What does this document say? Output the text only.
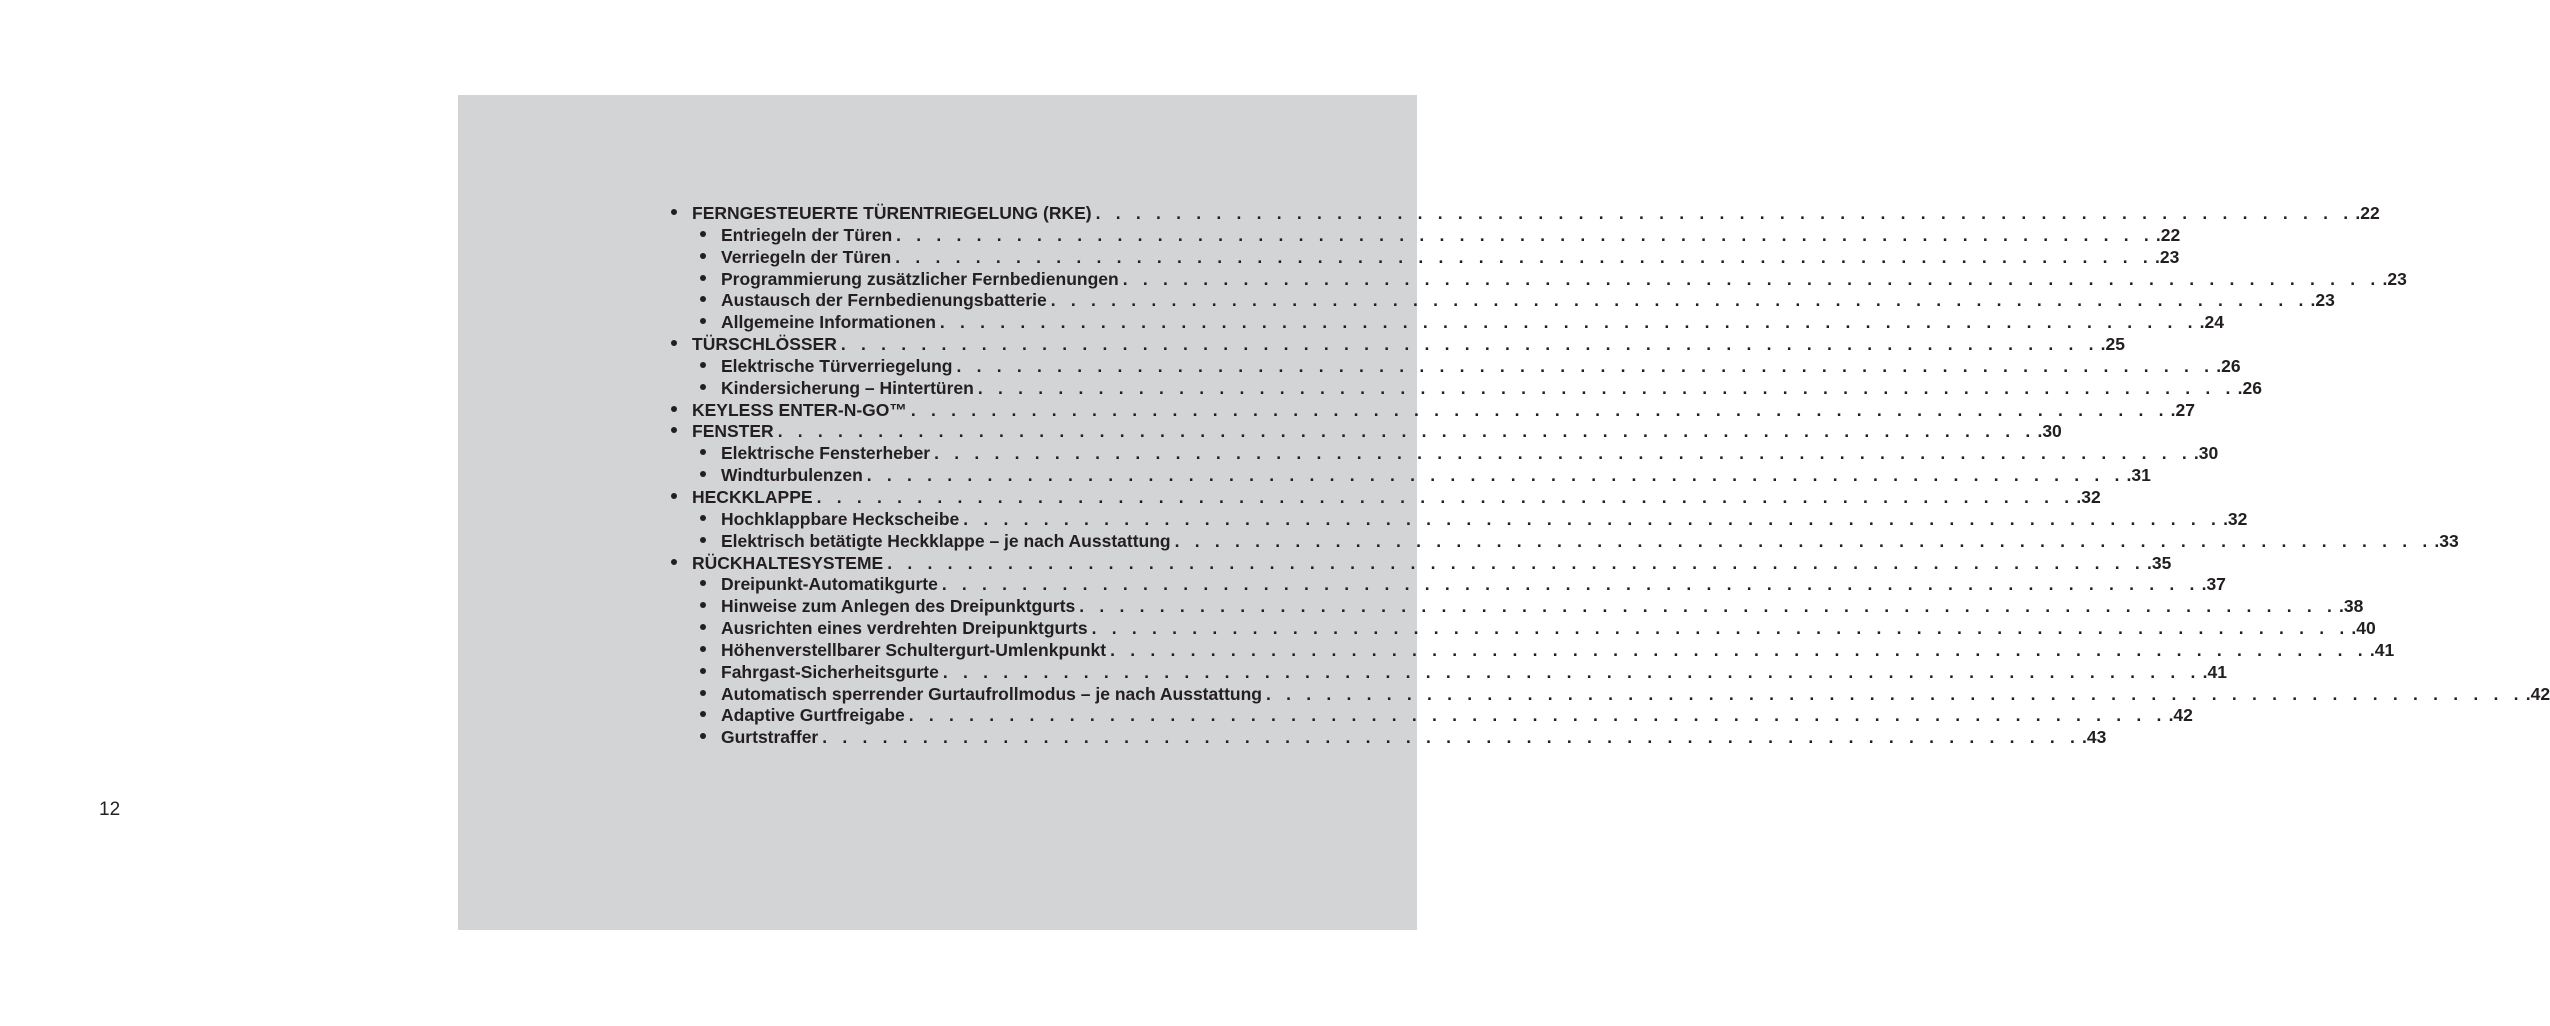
12
FERNGESTEUERTE TÜRENTRIEGELUNG (RKE) . . . . . . . . . . . . . . . . . . . . . . . . . . . . . . . . . . . . . . . . . . . . . . . . . . . . . . . . . . . . . . . .22
Entriegeln der Türen . . . . . . . . . . . . . . . . . . . . . . . . . . . . . . . . . . . . . . . . . . . . . . . . . . . . . . . . . . . . . . . .22
Verriegeln der Türen . . . . . . . . . . . . . . . . . . . . . . . . . . . . . . . . . . . . . . . . . . . . . . . . . . . . . . . . . . . . . . . .23
Programmierung zusätzlicher Fernbedienungen . . . . . . . . . . . . . . . . . . . . . . . . . . . . . . . . . . . . . . . . . . . . . . . . . . . . . . . . . . . . . . . .23
Austausch der Fernbedienungsbatterie . . . . . . . . . . . . . . . . . . . . . . . . . . . . . . . . . . . . . . . . . . . . . . . . . . . . . . . . . . . . . . . .23
Allgemeine Informationen . . . . . . . . . . . . . . . . . . . . . . . . . . . . . . . . . . . . . . . . . . . . . . . . . . . . . . . . . . . . . . . .24
TÜRSCHLÖSSER . . . . . . . . . . . . . . . . . . . . . . . . . . . . . . . . . . . . . . . . . . . . . . . . . . . . . . . . . . . . . . . .25
Elektrische Türverriegelung . . . . . . . . . . . . . . . . . . . . . . . . . . . . . . . . . . . . . . . . . . . . . . . . . . . . . . . . . . . . . . . .26
Kindersicherung – Hintertüren . . . . . . . . . . . . . . . . . . . . . . . . . . . . . . . . . . . . . . . . . . . . . . . . . . . . . . . . . . . . . . . .26
KEYLESS ENTER-N-GO™ . . . . . . . . . . . . . . . . . . . . . . . . . . . . . . . . . . . . . . . . . . . . . . . . . . . . . . . . . . . . . . . .27
FENSTER . . . . . . . . . . . . . . . . . . . . . . . . . . . . . . . . . . . . . . . . . . . . . . . . . . . . . . . . . . . . . . . .30
Elektrische Fensterheber . . . . . . . . . . . . . . . . . . . . . . . . . . . . . . . . . . . . . . . . . . . . . . . . . . . . . . . . . . . . . . . .30
Windturbulenzen . . . . . . . . . . . . . . . . . . . . . . . . . . . . . . . . . . . . . . . . . . . . . . . . . . . . . . . . . . . . . . . .31
HECKKLAPPE . . . . . . . . . . . . . . . . . . . . . . . . . . . . . . . . . . . . . . . . . . . . . . . . . . . . . . . . . . . . . . . .32
Hochklappbare Heckscheibe . . . . . . . . . . . . . . . . . . . . . . . . . . . . . . . . . . . . . . . . . . . . . . . . . . . . . . . . . . . . . . . .32
Elektrisch betätigte Heckklappe – je nach Ausstattung . . . . . . . . . . . . . . . . . . . . . . . . . . . . . . . . . . . . . . . . . . . . . . . . . . . . . . . . . . . . . . . .33
RÜCKHALTESYSTEME . . . . . . . . . . . . . . . . . . . . . . . . . . . . . . . . . . . . . . . . . . . . . . . . . . . . . . . . . . . . . . . .35
Dreipunkt-Automatikgurte . . . . . . . . . . . . . . . . . . . . . . . . . . . . . . . . . . . . . . . . . . . . . . . . . . . . . . . . . . . . . . . .37
Hinweise zum Anlegen des Dreipunktgurts . . . . . . . . . . . . . . . . . . . . . . . . . . . . . . . . . . . . . . . . . . . . . . . . . . . . . . . . . . . . . . . .38
Ausrichten eines verdrehten Dreipunktgurts . . . . . . . . . . . . . . . . . . . . . . . . . . . . . . . . . . . . . . . . . . . . . . . . . . . . . . . . . . . . . . . .40
Höhenverstellbarer Schultergurt-Umlenkpunkt . . . . . . . . . . . . . . . . . . . . . . . . . . . . . . . . . . . . . . . . . . . . . . . . . . . . . . . . . . . . . . . .41
Fahrgast-Sicherheitsgurte . . . . . . . . . . . . . . . . . . . . . . . . . . . . . . . . . . . . . . . . . . . . . . . . . . . . . . . . . . . . . . . .41
Automatisch sperrender Gurtaufrollmodus – je nach Ausstattung . . . . . . . . . . . . . . . . . . . . . . . . . . . . . . . . . . . . . . . . . . . . . . . . . . . . . . . . . . . . . . . .42
Adaptive Gurtfreigabe . . . . . . . . . . . . . . . . . . . . . . . . . . . . . . . . . . . . . . . . . . . . . . . . . . . . . . . . . . . . . . . .42
Gurtstraffer . . . . . . . . . . . . . . . . . . . . . . . . . . . . . . . . . . . . . . . . . . . . . . . . . . . . . . . . . . . . . . . .43
